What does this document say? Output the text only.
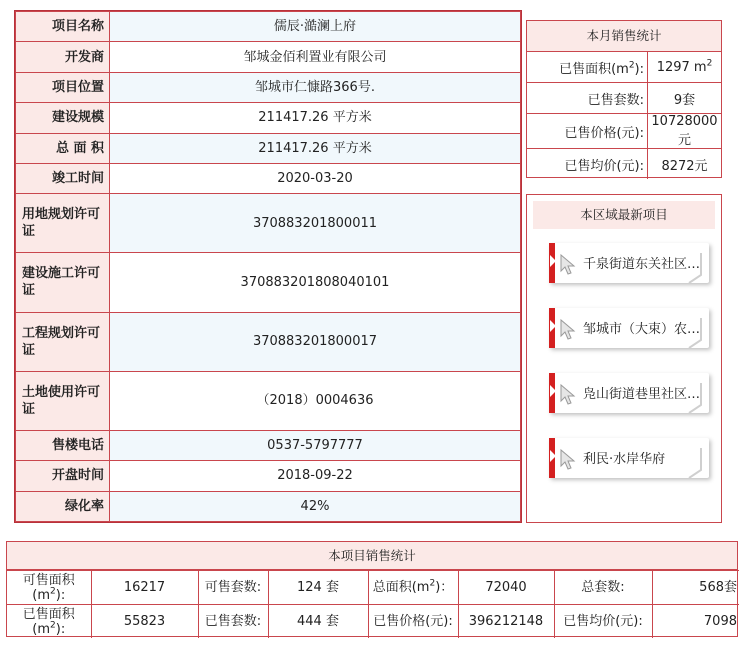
项目名称	儒辰·澔澜上府
开发商	邹城金佰利置业有限公司
项目位置	邹城市仁慷路366号.
建设规模	211417.26 平方米
总 面 积	211417.26 平方米
竣工时间	2020-03-20
用地规划许可证	370883201800011
建设施工许可证	370883201808040101
工程规划许可证	370883201800017
土地使用许可证	（2018）0004636
售楼电话	0537-5797777
开盘时间	2018-09-22
绿化率	42%
本月销售统计
已售面积$(m^2)$:	1297 $m^2$
已售套数:	9套
已售价格(元):	10728000元
已售均价(元):	8272元
本区域最新项目
千泉街道东关社区…
邹城市（大束）农…
凫山街道巷里社区…
利民·水岸华府
本项目销售统计
可售面积$(m^2)$:	16217	可售套数:	124 套	总面积$(m^2)$：	72040	总套数:	568套
已售面积$(m^2)$:	55823	已售套数:	444 套	已售价格(元):	396212148	已售均价(元):	7098
